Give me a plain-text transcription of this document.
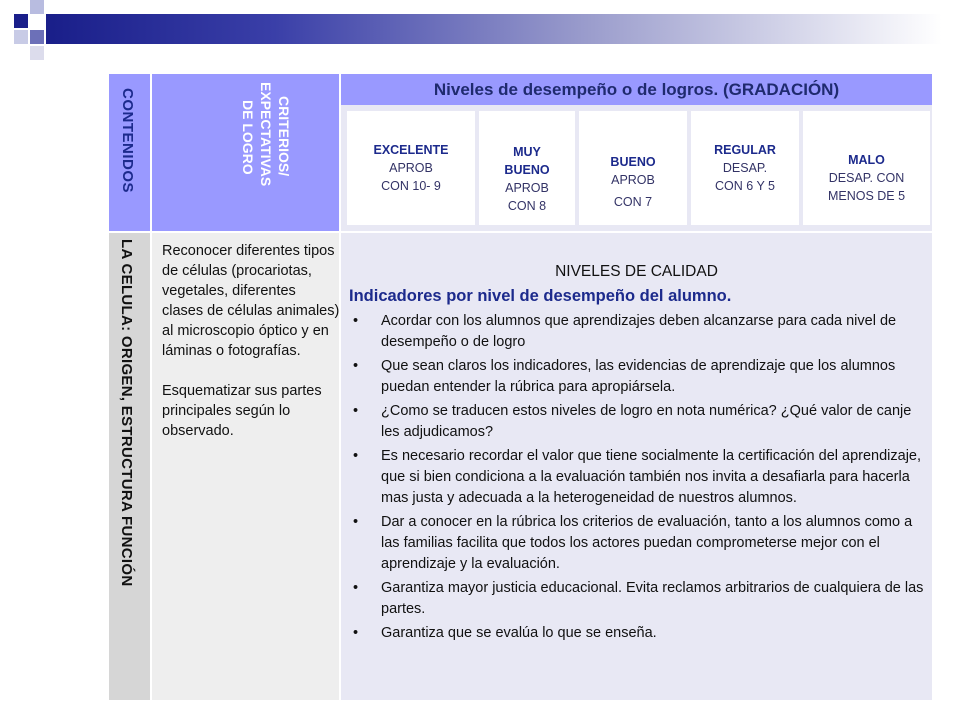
CONTENIDOS	CRITERIOS/
EXPECTATIVAS
DE LOGRO
Niveles de desempeño o de logros. (GRADACIÓN)
EXCELENTE
APROB
CON 10- 9
MUY BUENO
APROB
CON 8
BUENO
APROB
CON 7
REGULAR
DESAP.
CON 6 Y 5
MALO
DESAP. CON
MENOS DE 5
LA CELULA: ORIGEN, ESTRUCTURA FUNCIÓN Reconocer diferentes tipos de células (procariotas, vegetales, diferentes clases de células animales) al microscopio óptico y en láminas o fotografías.

Esquematizar sus partes principales según lo observado.

NIVELES DE CALIDAD
Indicadores por nivel de desempeño del alumno.
• Acordar con los alumnos que aprendizajes deben alcanzarse para cada nivel de desempeño o de logro
• Que sean claros los indicadores, las evidencias de aprendizaje que los alumnos puedan entender la rúbrica para apropiársela.
• ¿Como se traducen estos niveles de logro en nota numérica? ¿Qué valor de canje les adjudicamos?
• Es necesario recordar el valor que tiene socialmente la certificación del aprendizaje, que si bien condiciona a la evaluación también nos invita a desafiarla para hacerla mas justa y adecuada a la heterogeneidad de nuestros alumnos.
• Dar a conocer en la rúbrica los criterios de evaluación, tanto a los alumnos como a las familias facilita que todos los actores puedan comprometerse mejor con el aprendizaje y la evaluación.
• Garantiza mayor justicia educacional. Evita reclamos arbitrarios de cualquiera de las partes.
• Garantiza que se evalúa lo que se enseña.
